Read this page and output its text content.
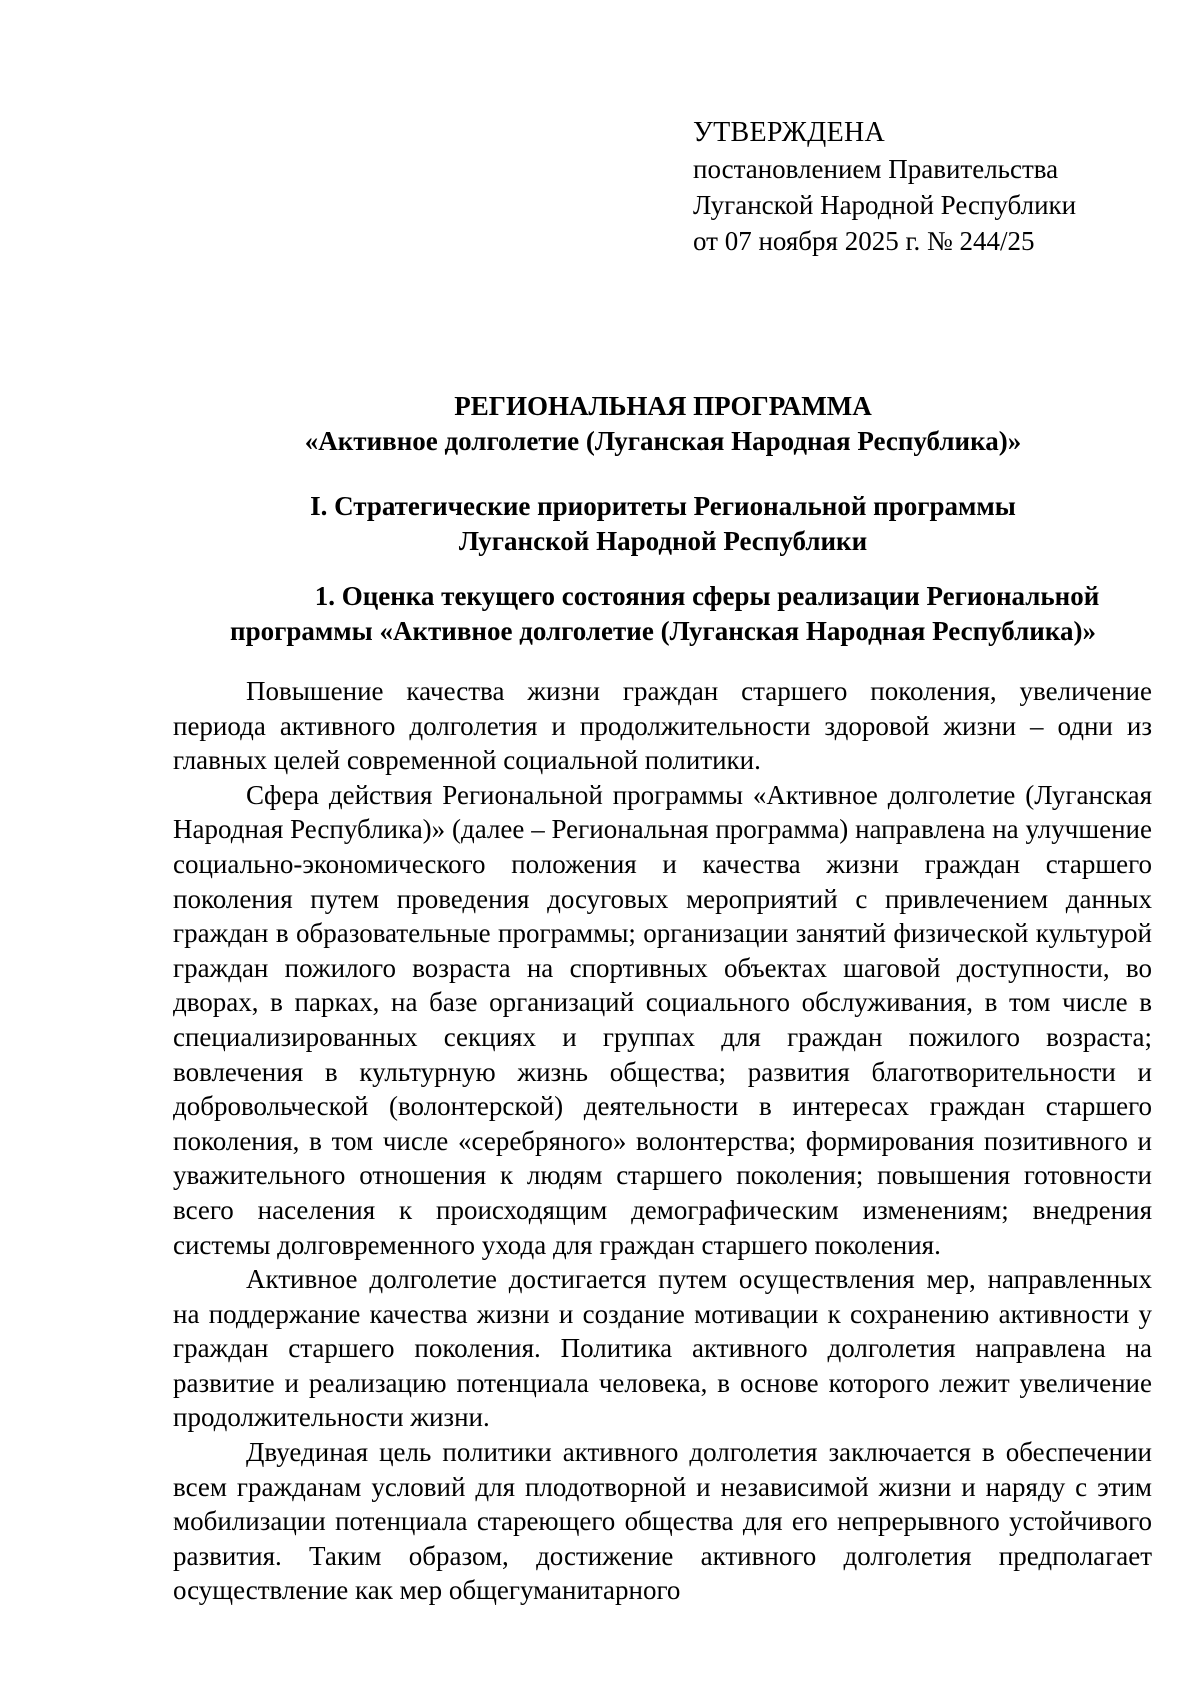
УТВЕРЖДЕНА
постановлением Правительства
Луганской Народной Республики
от 07 ноября 2025 г. № 244/25
РЕГИОНАЛЬНАЯ ПРОГРАММА
«Активное долголетие (Луганская Народная Республика)»
I. Стратегические приоритеты Региональной программы
Луганской Народной Республики
1. Оценка текущего состояния сферы реализации Региональной
программы «Активное долголетие (Луганская Народная Республика)»

Повышение качества жизни граждан старшего поколения, увеличение периода активного долголетия и продолжительности здоровой жизни – одни из главных целей современной социальной политики.

Сфера действия Региональной программы «Активное долголетие (Луганская Народная Республика)» (далее – Региональная программа) направлена на улучшение социально-экономического положения и качества жизни граждан старшего поколения путем проведения досуговых мероприятий с привлечением данных граждан в образовательные программы; организации занятий физической культурой граждан пожилого возраста на спортивных объектах шаговой доступности, во дворах, в парках, на базе организаций социального обслуживания, в том числе в специализированных секциях и группах для граждан пожилого возраста; вовлечения в культурную жизнь общества; развития благотворительности и добровольческой (волонтерской) деятельности в интересах граждан старшего поколения, в том числе «серебряного» волонтерства; формирования позитивного и уважительного отношения к людям старшего поколения; повышения готовности всего населения к происходящим демографическим изменениям; внедрения системы долговременного ухода для граждан старшего поколения.

Активное долголетие достигается путем осуществления мер, направленных на поддержание качества жизни и создание мотивации к сохранению активности у граждан старшего поколения. Политика активного долголетия направлена на развитие и реализацию потенциала человека, в основе которого лежит увеличение продолжительности жизни.

Двуединая цель политики активного долголетия заключается в обеспечении всем гражданам условий для плодотворной и независимой жизни и наряду с этим мобилизации потенциала стареющего общества для его непрерывного устойчивого развития. Таким образом, достижение активного долголетия предполагает осуществление как мер общегуманитарного
